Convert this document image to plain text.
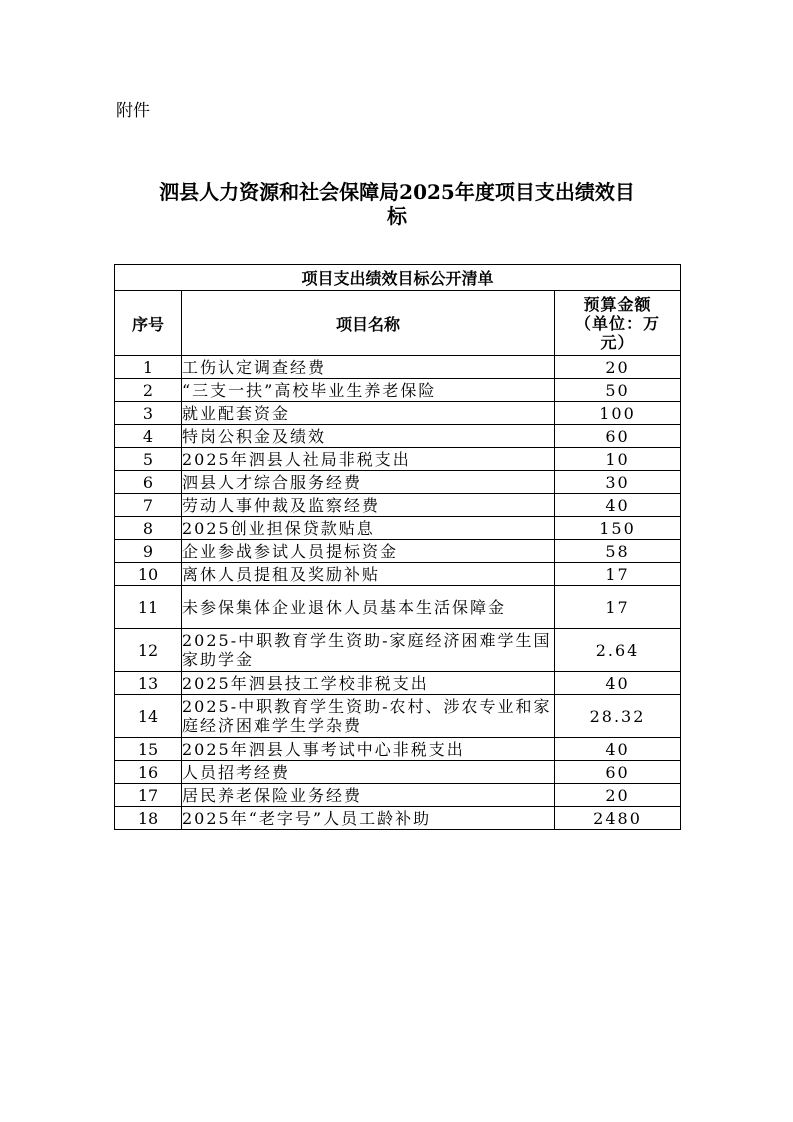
附件
泗县人力资源和社会保障局2025年度项目支出绩效目
标
项目支出绩效目标公开清单		
序号	项目名称	预算金额
（单位：万
元）

1	工伤认定调查经费	20
2	“三支一扶”高校毕业生养老保险	50
3	就业配套资金	100
4	特岗公积金及绩效	60
5	2025年泗县人社局非税支出	10
6	泗县人才综合服务经费	30
7	劳动人事仲裁及监察经费	40
8	2025创业担保贷款贴息	150
9	企业参战参试人员提标资金	58
10	离休人员提租及奖励补贴	17
11	未参保集体企业退休人员基本生活保障金	17
12	2025-中职教育学生资助-家庭经济困难学生国家助学金	2.64
13	2025年泗县技工学校非税支出	40
14	2025-中职教育学生资助-农村、涉农专业和家庭经济困难学生学杂费	28.32
15	2025年泗县人事考试中心非税支出	40
16	人员招考经费	60
17	居民养老保险业务经费	20
18	2025年“老字号”人员工龄补助	2480
